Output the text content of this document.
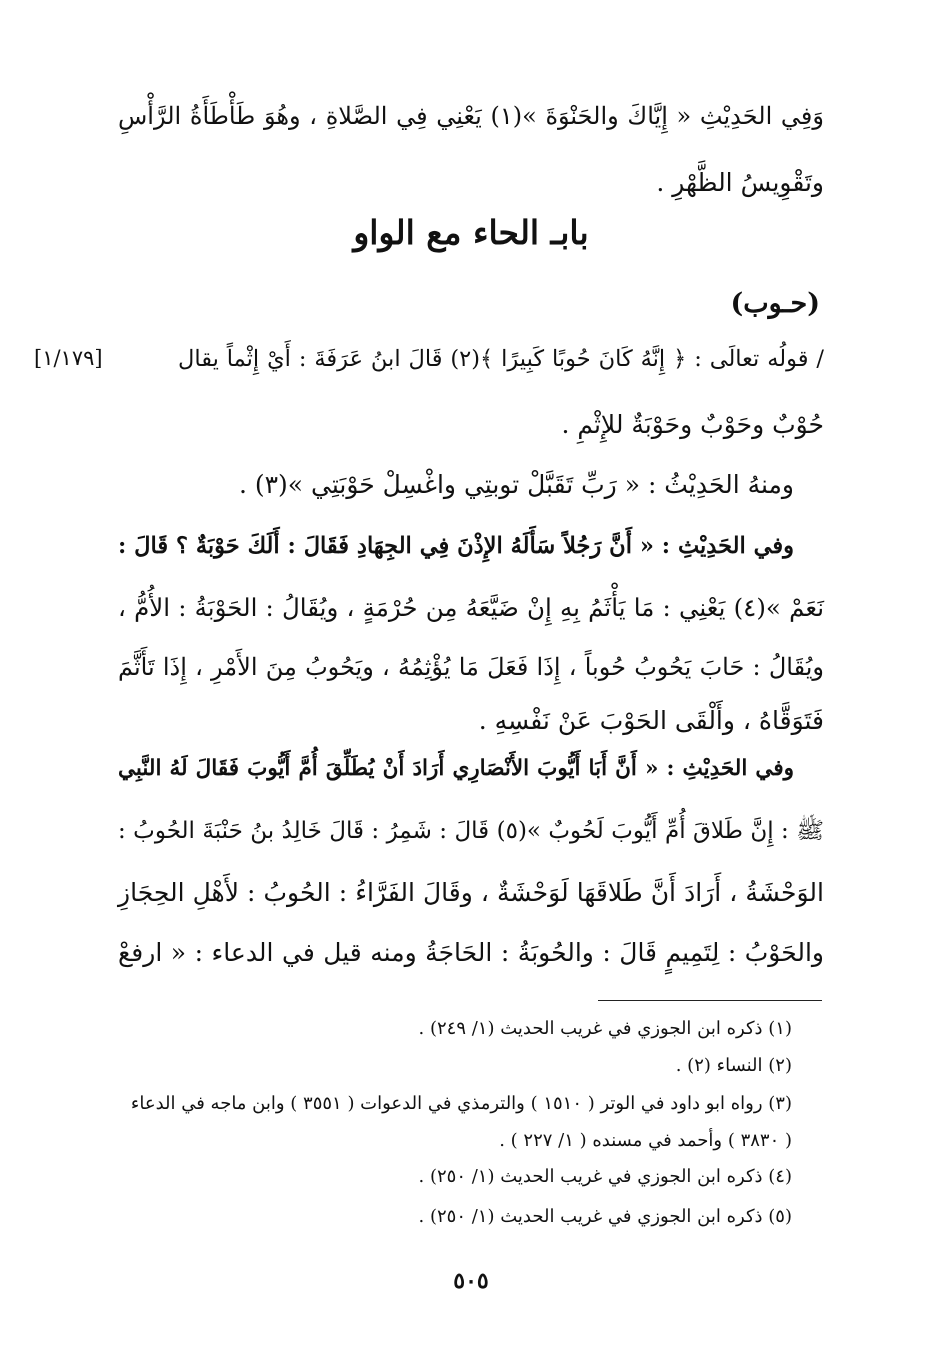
وَفِي الحَدِيْثِ « إِيَّاكَ والحَنْوَةَ »(١) يَعْنِي فِي الصَّلاةِ ، وهُوَ طَأْطَأَةُ الرَّأْسِ
وتَقْوِيسُ الظَّهْرِ .
بابـ الحاء مع الواو
(حـوب)
/ قولُه تعالَى : ﴿ إِنَّهُ كَانَ حُوبًا كَبِيرًا ﴾(٢) قَالَ ابنُ عَرَفَةَ : أَيْ إِثْماً يقال
[١/١٧٩]
حُوْبٌ وحَوْبٌ وحَوْبَةٌ للإِثْمِ .
ومنهُ الحَدِيْثُ : « رَبِّ تَقَبَّلْ توبتِي واغْسِلْ حَوْبَتِي »(٣) .
وفي الحَدِيْثِ : « أَنَّ رَجُلاً سَأَلَهُ الإِذْنَ فِي الجِهَادِ فَقَالَ : أَلَكَ حَوْبَةٌ ؟ قَالَ :
نَعَمْ »(٤) يَعْنِي : مَا يَأْثَمُ بِهِ إِنْ ضَيَّعَهُ مِن حُرْمَةٍ ، ويُقَالُ : الحَوْبَةُ : الأُمُّ ،
ويُقَالُ : حَابَ يَحُوبُ حُوباً ، إِذَا فَعَلَ مَا يُؤْثِمُهُ ، ويَحُوبُ مِنَ الأَمْرِ ، إِذَا تَأَثَّمَ
فَتَوَقَّاهُ ، وأَلْقَى الحَوْبَ عَنْ نَفْسِهِ .
وفي الحَدِيْثِ : « أَنَّ أَبَا أَيُّوبَ الأَنْصَارِي أَرَادَ أَنْ يُطَلِّقَ أُمَّ أَيُّوبَ فَقَالَ لَهُ النَّبِي
ﷺ : إِنَّ طَلاقَ أُمِّ أَيُّوبَ لَحُوبٌ »(٥) قَالَ : شَمِرُ : قَالَ خَالِدُ بنُ حَنْبَةَ الحُوبُ :
الوَحْشَةُ ، أَرَادَ أَنَّ طَلاقَهَا لَوَحْشَةٌ ، وقَالَ الفَرَّاءُ : الحُوبُ : لأَهْلِ الحِجَازِ
والحَوْبُ : لِتَمِيمٍ قَالَ : والحُوبَةُ : الحَاجَةُ ومنه قيل في الدعاء : « ارفعْ
(١) ذكره ابن الجوزي في غريب الحديث (١/ ٢٤٩) .
(٢) النساء (٢) .
(٣) رواه ابو داود في الوتر ( ١٥١٠ ) والترمذي في الدعوات ( ٣٥٥١ ) وابن ماجه في الدعاء
( ٣٨٣٠ ) وأحمد في مسنده ( ١/ ٢٢٧ ) .
(٤) ذكره ابن الجوزي في غريب الحديث (١/ ٢٥٠) .
(٥) ذكره ابن الجوزي في غريب الحديث (١/ ٢٥٠) .
٥٠٥
